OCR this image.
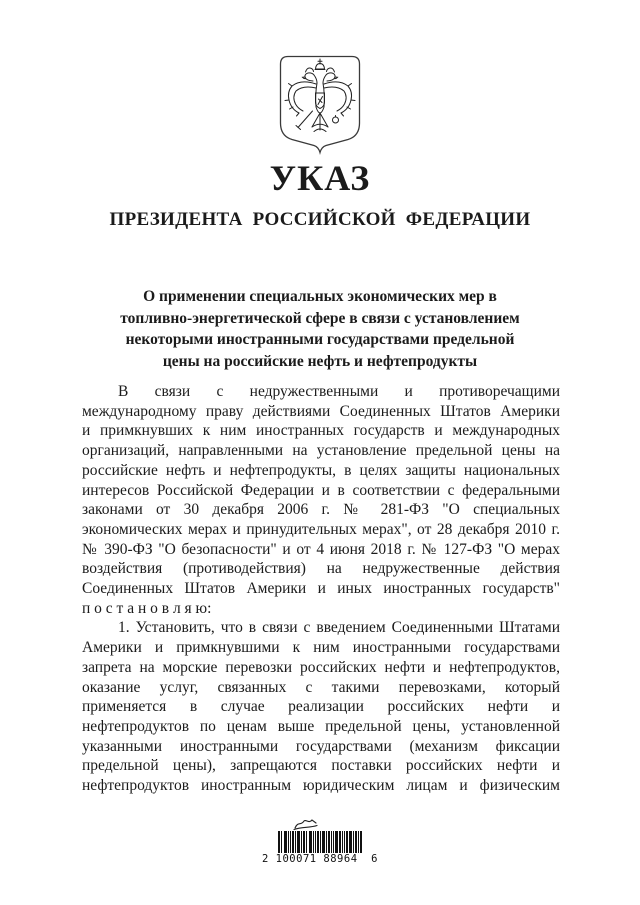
УКАЗ
ПРЕЗИДЕНТА РОССИЙСКОЙ ФЕДЕРАЦИИ
О применении специальных экономических мер в
топливно-энергетической сфере в связи с установлением
некоторыми иностранными государствами предельной
цены на российские нефть и нефтепродукты
В связи с недружественными и противоречащими
международному праву действиями Соединенных Штатов Америки
и примкнувших к ним иностранных государств и международных
организаций, направленными на установление предельной цены на
российские нефть и нефтепродукты, в целях защиты национальных
интересов Российской Федерации и в соответствии с федеральными
законами от 30 декабря 2006 г. № 281-ФЗ "О специальных
экономических мерах и принудительных мерах", от 28 декабря 2010 г.
№ 390-ФЗ "О безопасности" и от 4 июня 2018 г. № 127-ФЗ "О мерах
воздействия (противодействия) на недружественные действия
Соединенных Штатов Америки и иных иностранных государств"
п о с т а н о в л я ю:
1. Установить, что в связи с введением Соединенными Штатами
Америки и примкнувшими к ним иностранными государствами
запрета на морские перевозки российских нефти и нефтепродуктов,
оказание услуг, связанных с такими перевозками, который
применяется в случае реализации российских нефти и
нефтепродуктов по ценам выше предельной цены, установленной
указанными иностранными государствами (механизм фиксации
предельной цены), запрещаются поставки российских нефти и
нефтепродуктов иностранным юридическим лицам и физическим
2 100071 88964  6
